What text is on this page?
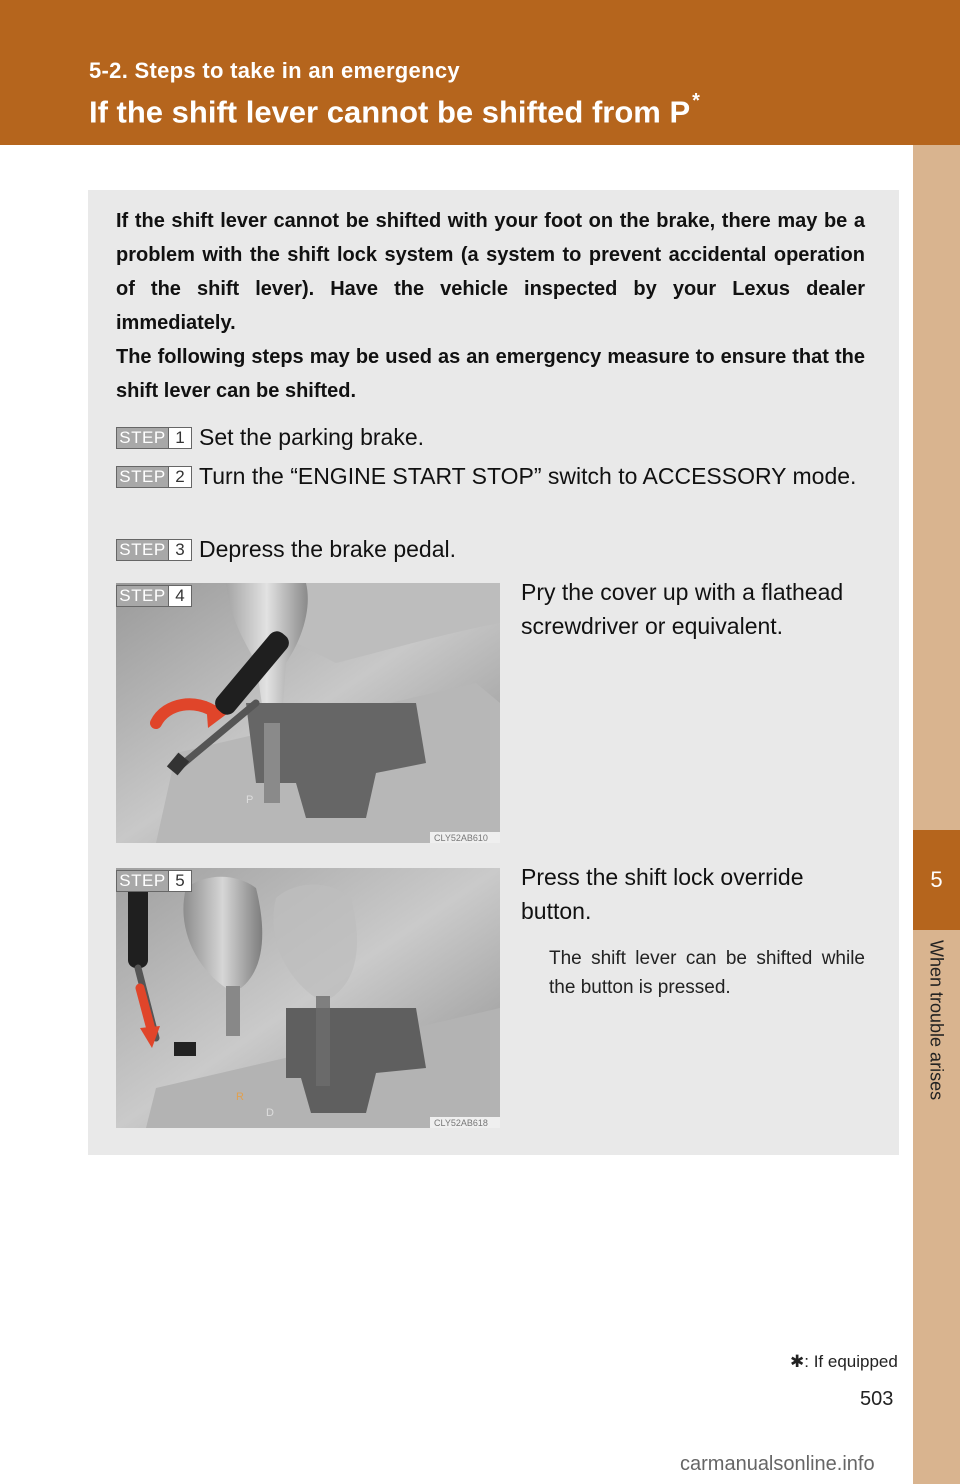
5-2. Steps to take in an emergency
If the shift lever cannot be shifted from P *
5
When trouble arises

If the shift lever cannot be shifted with your foot on the brake, there may be a problem with the shift lock system (a system to prevent accidental operation of the shift lever). Have the vehicle inspected by your Lexus dealer immediately.

The following steps may be used as an emergency measure to ensure that the shift lever can be shifted.

STEP 1 Set the parking brake.
STEP 2 Turn the “ENGINE START STOP” switch to ACCESSORY mode.
STEP 3 Depress the brake pedal.
P
CLY52AB610
STEP 4	Pry the cover up with a flathead screwdriver or equivalent.
R
D
CLY52AB618
STEP 5	Press the shift lock override button.
The shift lever can be shifted while the button is pressed.
✱: If equipped
503
carmanualsonline.info
